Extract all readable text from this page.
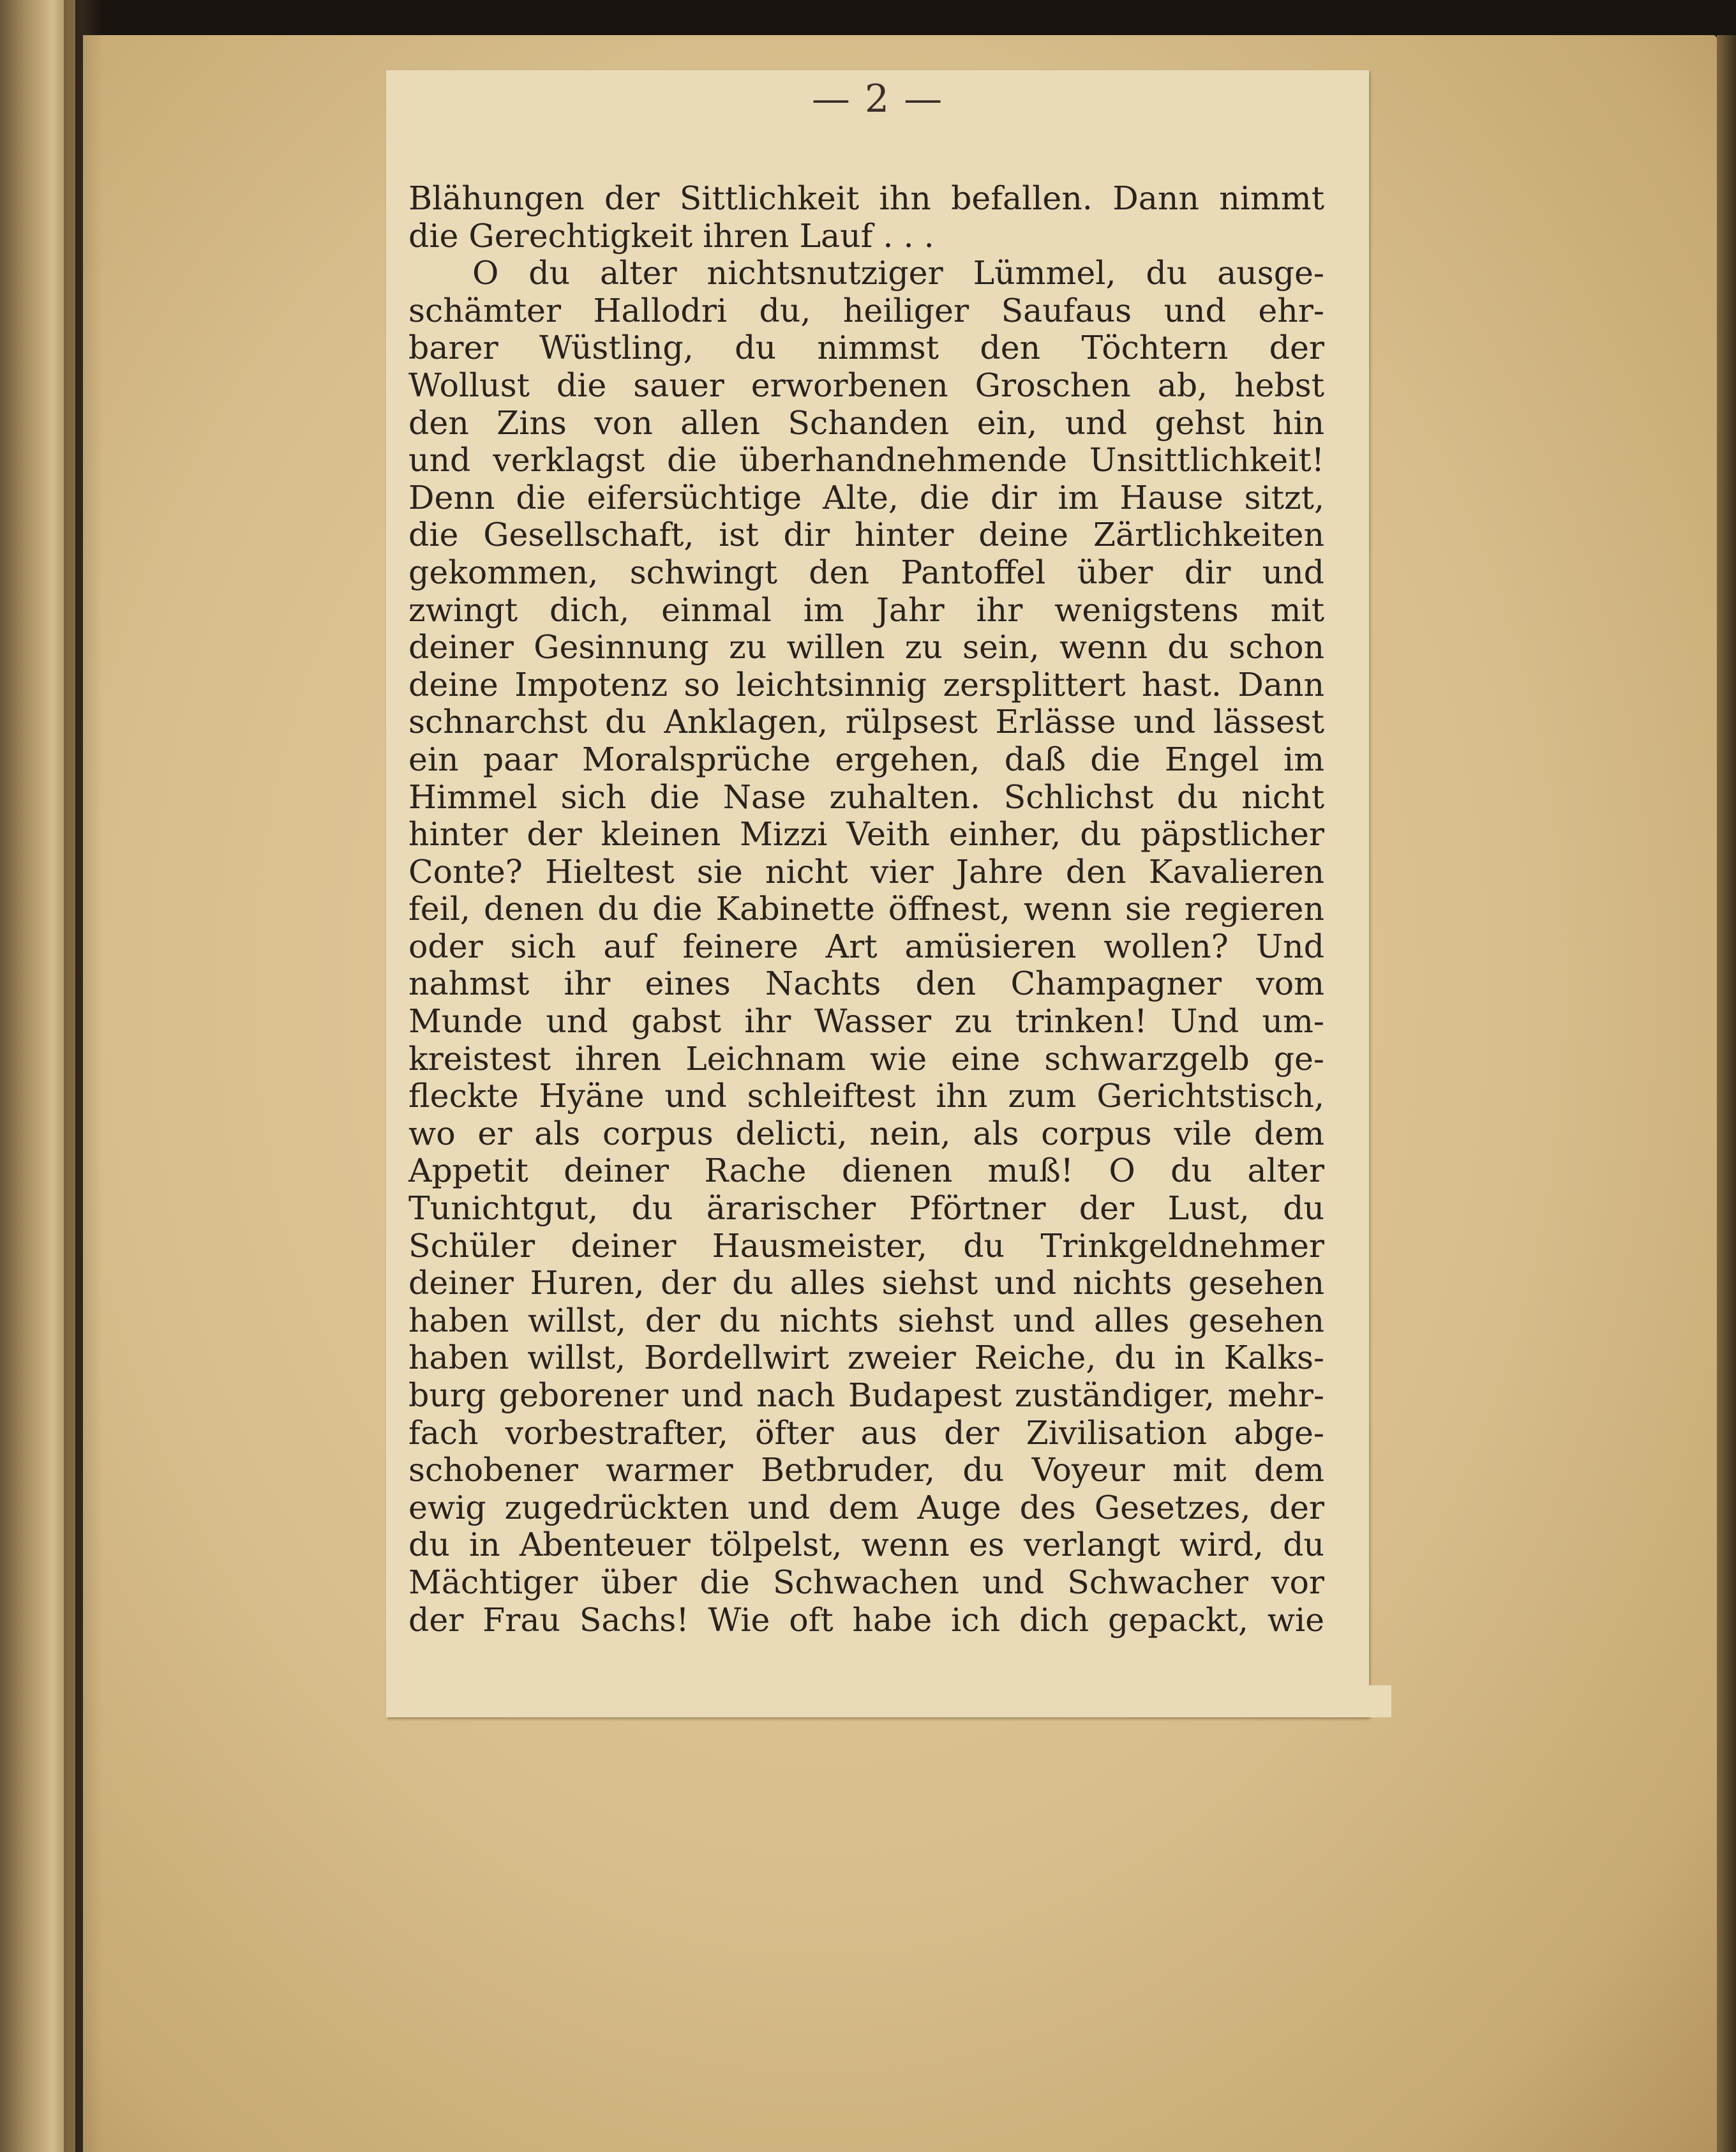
— 2 —
Blähungen der Sittlichkeit ihn befallen. Dann nimmt
die Gerechtigkeit ihren Lauf . . .
O du alter nichtsnutziger Lümmel, du ausge-
schämter Hallodri du, heiliger Saufaus und ehr-
barer Wüstling, du nimmst den Töchtern der
Wollust die sauer erworbenen Groschen ab, hebst
den Zins von allen Schanden ein, und gehst hin
und verklagst die überhandnehmende Unsittlichkeit!
Denn die eifersüchtige Alte, die dir im Hause sitzt,
die Gesellschaft, ist dir hinter deine Zärtlichkeiten
gekommen, schwingt den Pantoffel über dir und
zwingt dich, einmal im Jahr ihr wenigstens mit
deiner Gesinnung zu willen zu sein, wenn du schon
deine Impotenz so leichtsinnig zersplittert hast. Dann
schnarchst du Anklagen, rülpsest Erlässe und lässest
ein paar Moralsprüche ergehen, daß die Engel im
Himmel sich die Nase zuhalten. Schlichst du nicht
hinter der kleinen Mizzi Veith einher, du päpstlicher
Conte? Hieltest sie nicht vier Jahre den Kavalieren
feil, denen du die Kabinette öffnest, wenn sie regieren
oder sich auf feinere Art amüsieren wollen? Und
nahmst ihr eines Nachts den Champagner vom
Munde und gabst ihr Wasser zu trinken! Und um-
kreistest ihren Leichnam wie eine schwarzgelb ge-
fleckte Hyäne und schleiftest ihn zum Gerichtstisch,
wo er als corpus delicti, nein, als corpus vile dem
Appetit deiner Rache dienen muß! O du alter
Tunichtgut, du ärarischer Pförtner der Lust, du
Schüler deiner Hausmeister, du Trinkgeldnehmer
deiner Huren, der du alles siehst und nichts gesehen
haben willst, der du nichts siehst und alles gesehen
haben willst, Bordellwirt zweier Reiche, du in Kalks-
burg geborener und nach Budapest zuständiger, mehr-
fach vorbestrafter, öfter aus der Zivilisation abge-
schobener warmer Betbruder, du Voyeur mit dem
ewig zugedrückten und dem Auge des Gesetzes, der
du in Abenteuer tölpelst, wenn es verlangt wird, du
Mächtiger über die Schwachen und Schwacher vor
der Frau Sachs! Wie oft habe ich dich gepackt, wie
